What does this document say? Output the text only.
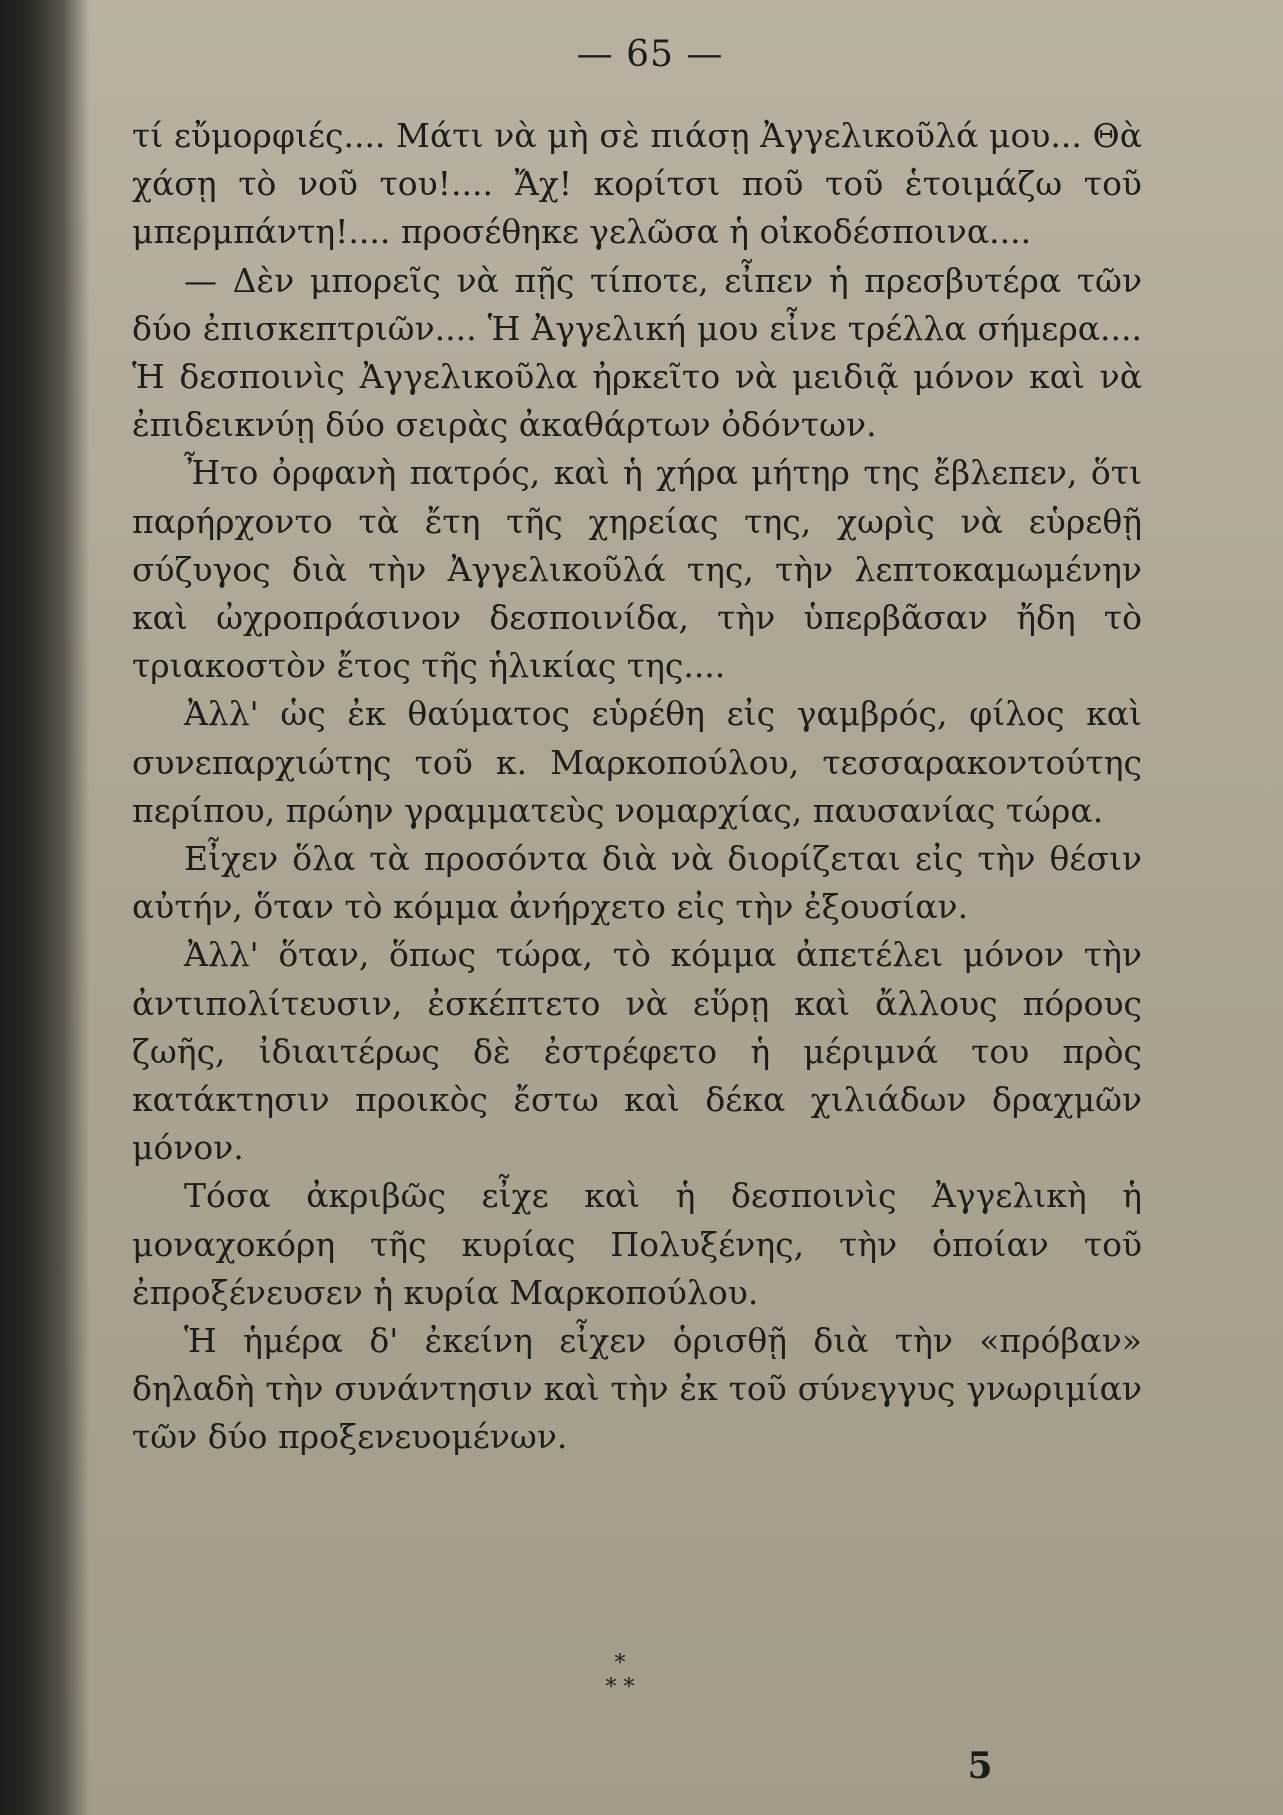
— 65 —

τί εὔμορφιές.... Μάτι νὰ μὴ σὲ πιάσῃ Ἀγγελικοῦλά μου... Θὰ χάσῃ τὸ νοῦ του!.... Ἄχ! κορίτσι ποῦ τοῦ ἑτοιμάζω τοῦ μπερμπάντη!.... προσέθηκε γελῶσα ἡ οἰκοδέσποινα....

— Δὲν μπορεῖς νὰ πῇς τίποτε, εἶπεν ἡ πρεσβυτέρα τῶν δύο ἐπισκεπτριῶν.... Ἡ Ἀγγελική μου εἶνε τρέλλα σήμερα.... Ἡ δεσποινὶς Ἀγγελικοῦλα ἠρκεῖτο νὰ μειδιᾷ μόνον καὶ νὰ ἐπιδεικνύῃ δύο σειρὰς ἀκαθάρτων ὀδόντων.

Ἦτο ὀρφανὴ πατρός, καὶ ἡ χήρα μήτηρ της ἔβλεπεν, ὅτι παρήρχοντο τὰ ἔτη τῆς χηρείας της, χωρὶς νὰ εὑρεθῇ σύζυγος διὰ τὴν Ἀγγελικοῦλά της, τὴν λεπτοκαμωμένην καὶ ὠχροπράσινον δεσποινίδα, τὴν ὑπερβᾶσαν ἤδη τὸ τριακοστὸν ἔτος τῆς ἡλικίας της....

Ἀλλ' ὡς ἐκ θαύματος εὑρέθη εἰς γαμβρός, φίλος καὶ συνεπαρχιώτης τοῦ κ. Μαρκοπούλου, τεσσαρακοντούτης περίπου, πρώην γραμματεὺς νομαρχίας, παυσανίας τώρα.

Εἶχεν ὅλα τὰ προσόντα διὰ νὰ διορίζεται εἰς τὴν θέσιν αὐτήν, ὅταν τὸ κόμμα ἀνήρχετο εἰς τὴν ἐξουσίαν.

Ἀλλ' ὅταν, ὅπως τώρα, τὸ κόμμα ἀπετέλει μόνον τὴν ἀντιπολίτευσιν, ἐσκέπτετο νὰ εὕρῃ καὶ ἄλλους πόρους ζωῆς, ἰδιαιτέρως δὲ ἐστρέφετο ἡ μέριμνά του πρὸς κατάκτησιν προικὸς ἔστω καὶ δέκα χιλιάδων δραχμῶν μόνον.

Τόσα ἀκριβῶς εἶχε καὶ ἡ δεσποινὶς Ἀγγελικὴ ἡ μοναχοκόρη τῆς κυρίας Πολυξένης, τὴν ὁποίαν τοῦ ἐπροξένευσεν ἡ κυρία Μαρκοπούλου.

Ἡ ἡμέρα δ' ἐκείνη εἶχεν ὁρισθῇ διὰ τὴν «πρόβαν» δηλαδὴ τὴν συνάντησιν καὶ τὴν ἐκ τοῦ σύνεγγυς γνωριμίαν τῶν δύο προξενευομένων.

*
* *
5
